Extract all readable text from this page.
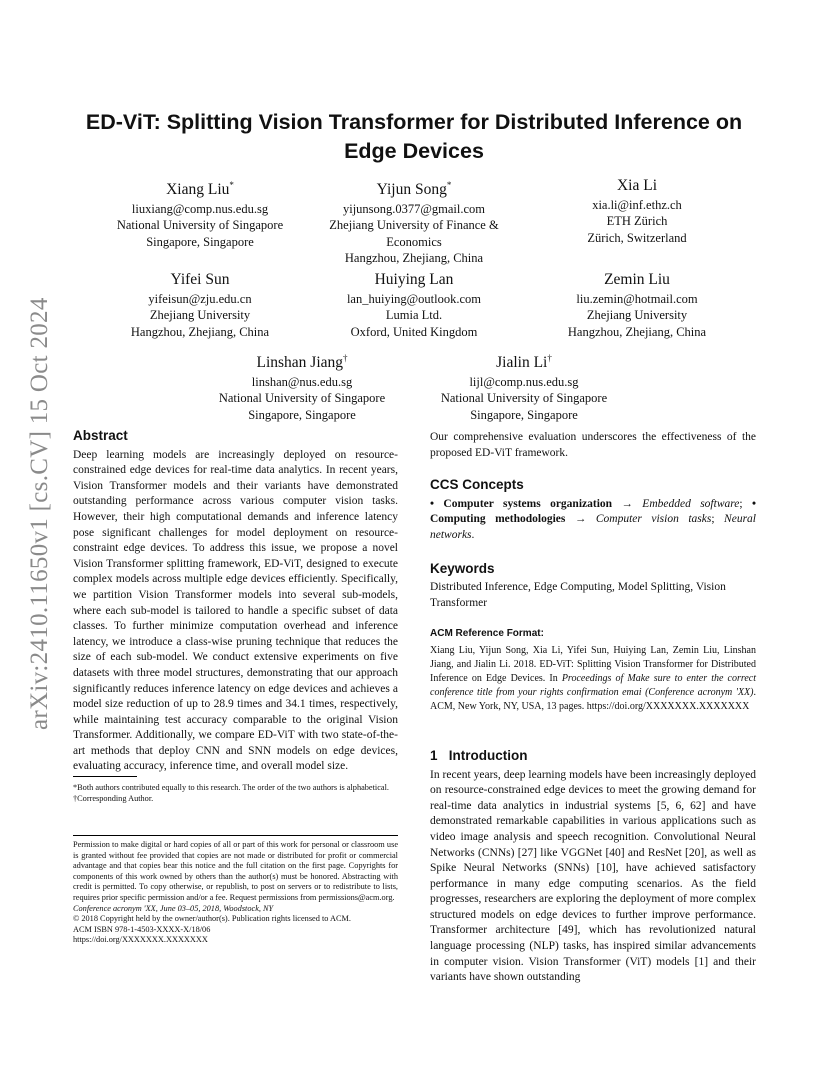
arXiv:2410.11650v1 [cs.CV] 15 Oct 2024
ED-ViT: Splitting Vision Transformer for Distributed Inference on Edge Devices
Xiang Liu*
liuxiang@comp.nus.edu.sg
National University of Singapore
Singapore, Singapore
Yijun Song*
yijunsong.0377@gmail.com
Zhejiang University of Finance &
Economics
Hangzhou, Zhejiang, China
Xia Li
xia.li@inf.ethz.ch
ETH Zürich
Zürich, Switzerland
Yifei Sun
yifeisun@zju.edu.cn
Zhejiang University
Hangzhou, Zhejiang, China
Huiying Lan
lan_huiying@outlook.com
Lumia Ltd.
Oxford, United Kingdom
Zemin Liu
liu.zemin@hotmail.com
Zhejiang University
Hangzhou, Zhejiang, China
Linshan Jiang†
linshan@nus.edu.sg
National University of Singapore
Singapore, Singapore
Jialin Li†
lijl@comp.nus.edu.sg
National University of Singapore
Singapore, Singapore
Abstract

Deep learning models are increasingly deployed on resource-constrained edge devices for real-time data analytics. In recent years, Vision Transformer models and their variants have demonstrated outstanding performance across various computer vision tasks. However, their high computational demands and inference latency pose significant challenges for model deployment on resource-constraint edge devices. To address this issue, we propose a novel Vision Transformer splitting framework, ED-ViT, designed to execute complex models across multiple edge devices efficiently. Specifically, we partition Vision Transformer models into several sub-models, where each sub-model is tailored to handle a specific subset of data classes. To further minimize computation overhead and inference latency, we introduce a class-wise pruning technique that reduces the size of each sub-model. We conduct extensive experiments on five datasets with three model structures, demonstrating that our approach significantly reduces inference latency on edge devices and achieves a model size reduction of up to 28.9 times and 34.1 times, respectively, while maintaining test accuracy comparable to the original Vision Transformer. Additionally, we compare ED-ViT with two state-of-the-art methods that deploy CNN and SNN models on edge devices, evaluating accuracy, inference time, and overall model size.

*Both authors contributed equally to this research. The order of the two authors is alphabetical.

†Corresponding Author.

Permission to make digital or hard copies of all or part of this work for personal or classroom use is granted without fee provided that copies are not made or distributed for profit or commercial advantage and that copies bear this notice and the full citation on the first page. Copyrights for components of this work owned by others than the author(s) must be honored. Abstracting with credit is permitted. To copy otherwise, or republish, to post on servers or to redistribute to lists, requires prior specific permission and/or a fee. Request permissions from permissions@acm.org.

Conference acronym 'XX, June 03–05, 2018, Woodstock, NY

© 2018 Copyright held by the owner/author(s). Publication rights licensed to ACM.

ACM ISBN 978-1-4503-XXXX-X/18/06

https://doi.org/XXXXXXX.XXXXXXX

Our comprehensive evaluation underscores the effectiveness of the proposed ED-ViT framework.

CCS Concepts

• Computer systems organization → Embedded software; • Computing methodologies → Computer vision tasks; Neural networks.

Keywords

Distributed Inference, Edge Computing, Model Splitting, Vision Transformer

ACM Reference Format:

Xiang Liu, Yijun Song, Xia Li, Yifei Sun, Huiying Lan, Zemin Liu, Linshan Jiang, and Jialin Li. 2018. ED-ViT: Splitting Vision Transformer for Distributed Inference on Edge Devices. In Proceedings of Make sure to enter the correct conference title from your rights confirmation emai (Conference acronym 'XX). ACM, New York, NY, USA, 13 pages. https://doi.org/XXXXXXX.XXXXXXX

1 Introduction

In recent years, deep learning models have been increasingly deployed on resource-constrained edge devices to meet the growing demand for real-time data analytics in industrial systems [5, 6, 62] and have demonstrated remarkable capabilities in various applications such as video image analysis and speech recognition. Convolutional Neural Networks (CNNs) [27] like VGGNet [40] and ResNet [20], as well as Spike Neural Networks (SNNs) [10], have achieved satisfactory performance in many edge computing scenarios. As the field progresses, researchers are exploring the deployment of more complex structured models on edge devices to further improve performance. Transformer architecture [49], which has revolutionized natural language processing (NLP) tasks, has inspired similar advancements in computer vision. Vision Transformer (ViT) models [1] and their variants have shown outstanding
